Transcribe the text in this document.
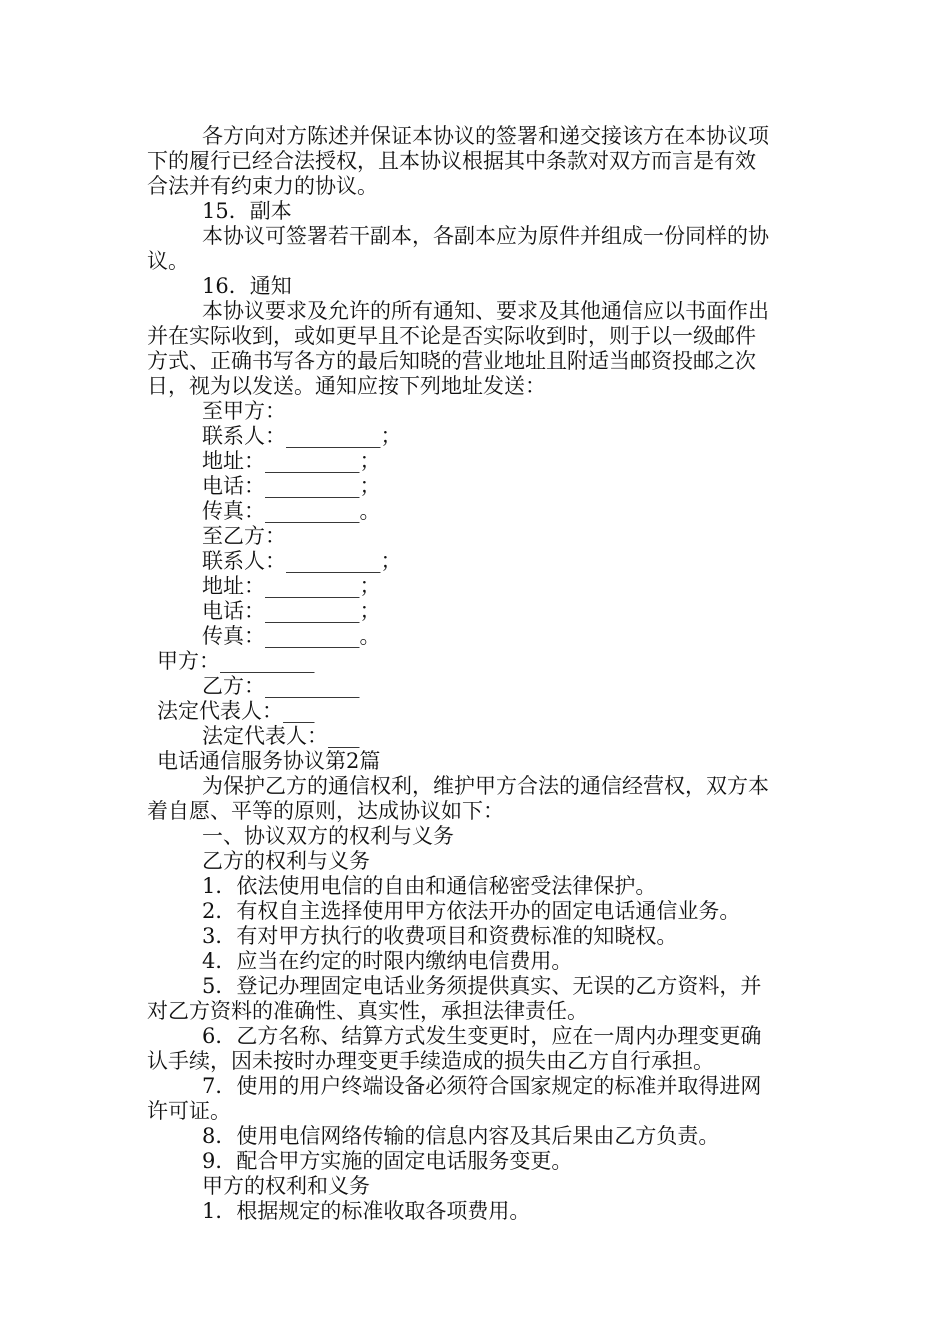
各方向对方陈述并保证本协议的签署和递交接该方在本协议项
下的履行已经合法授权，且本协议根据其中条款对双方而言是有效
合法并有约束力的协议。
15．副本
本协议可签署若干副本，各副本应为原件并组成一份同样的协
议。
16．通知
本协议要求及允许的所有通知、要求及其他通信应以书面作出
并在实际收到，或如更早且不论是否实际收到时，则于以一级邮件
方式、正确书写各方的最后知晓的营业地址且附适当邮资投邮之次
日，视为以发送。通知应按下列地址发送：
至甲方：
联系人：_________；
地址：_________；
电话：_________；
传真：_________。
至乙方：
联系人：_________；
地址：_________；
电话：_________；
传真：_________。
甲方：_________
乙方：_________
法定代表人：___
法定代表人：___
电话通信服务协议第2篇
为保护乙方的通信权利，维护甲方合法的通信经营权，双方本
着自愿、平等的原则，达成协议如下：
一、协议双方的权利与义务
乙方的权利与义务
1．依法使用电信的自由和通信秘密受法律保护。
2．有权自主选择使用甲方依法开办的固定电话通信业务。
3．有对甲方执行的收费项目和资费标准的知晓权。
4．应当在约定的时限内缴纳电信费用。
5．登记办理固定电话业务须提供真实、无误的乙方资料，并
对乙方资料的准确性、真实性，承担法律责任。
6．乙方名称、结算方式发生变更时，应在一周内办理变更确
认手续，因未按时办理变更手续造成的损失由乙方自行承担。
7．使用的用户终端设备必须符合国家规定的标准并取得进网
许可证。
8．使用电信网络传输的信息内容及其后果由乙方负责。
9．配合甲方实施的固定电话服务变更。
甲方的权利和义务
1．根据规定的标准收取各项费用。
